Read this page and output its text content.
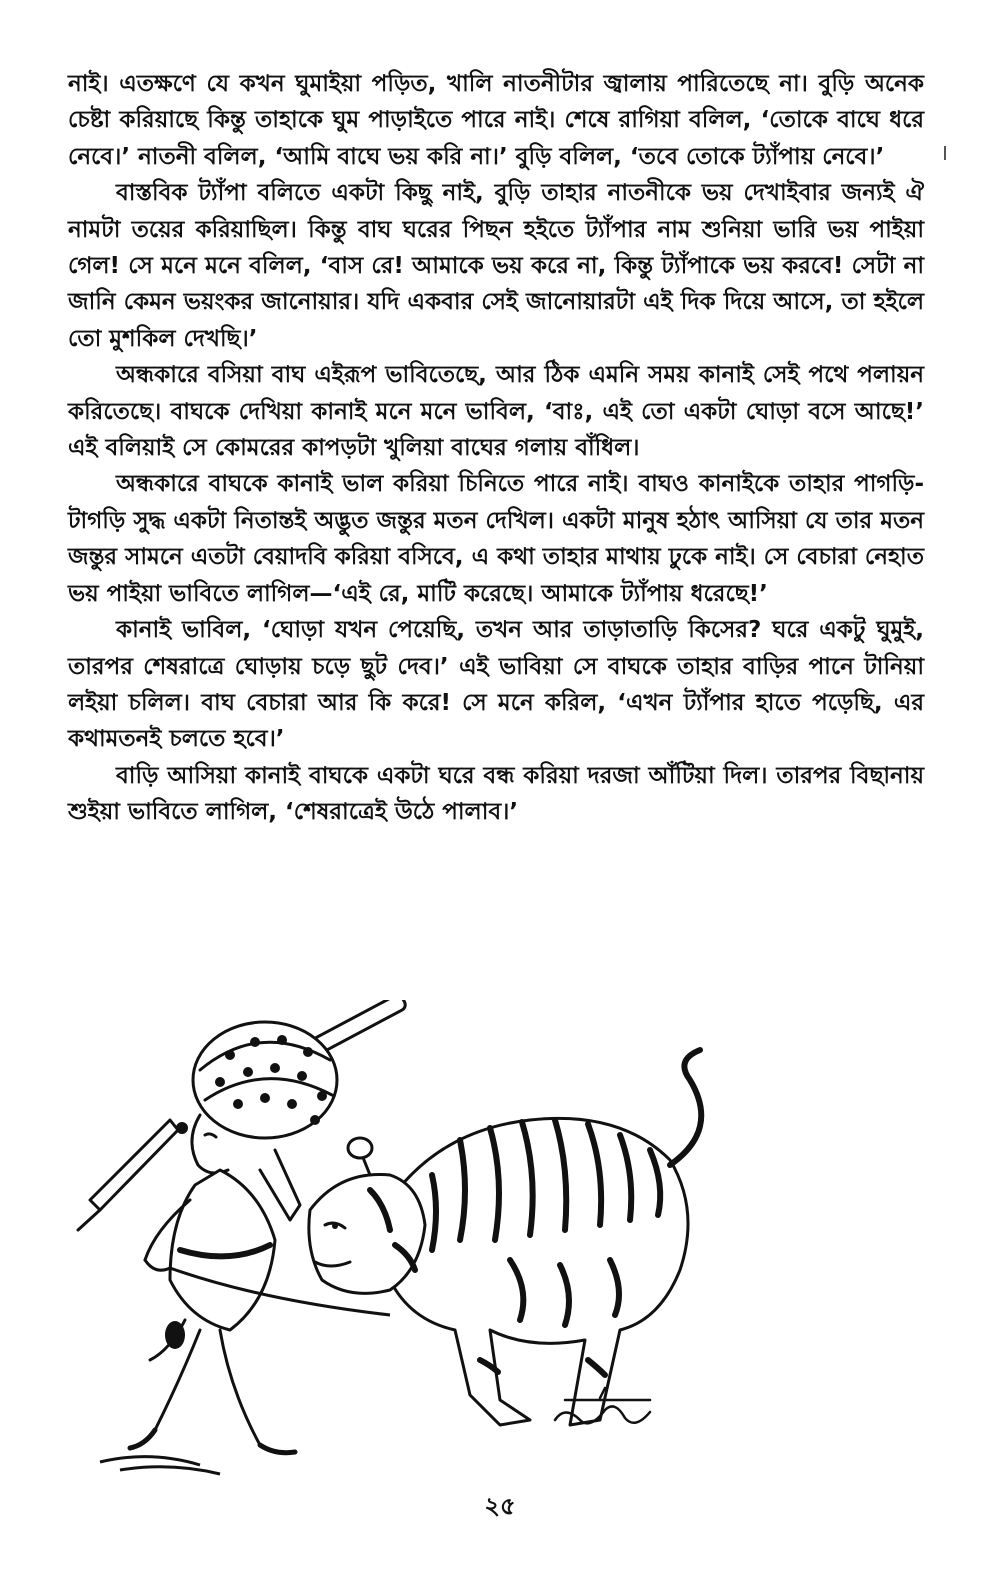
নাই। এতক্ষণে যে কখন ঘুমাইয়া পড়িত, খালি নাতনীটার জ্বালায় পারিতেছে না। বুড়ি অনেক চেষ্টা করিয়াছে কিন্তু তাহাকে ঘুম পাড়াইতে পারে নাই। শেষে রাগিয়া বলিল, ‘তোকে বাঘে ধরে নেবে।’ নাতনী বলিল, ‘আমি বাঘে ভয় করি না।’ বুড়ি বলিল, ‘তবে তোকে ট্যাঁপায় নেবে।’

বাস্তবিক ট্যাঁপা বলিতে একটা কিছু নাই, বুড়ি তাহার নাতনীকে ভয় দেখাইবার জন্যই ঐ নামটা তয়ের করিয়াছিল। কিন্তু বাঘ ঘরের পিছন হইতে ট্যাঁপার নাম শুনিয়া ভারি ভয় পাইয়া গেল! সে মনে মনে বলিল, ‘বাস রে! আমাকে ভয় করে না, কিন্তু ট্যাঁপাকে ভয় করবে! সেটা না জানি কেমন ভয়ংকর জানোয়ার। যদি একবার সেই জানোয়ারটা এই দিক দিয়ে আসে, তা হইলে তো মুশকিল দেখছি।’

অন্ধকারে বসিয়া বাঘ এইরূপ ভাবিতেছে, আর ঠিক এমনি সময় কানাই সেই পথে পলায়ন করিতেছে। বাঘকে দেখিয়া কানাই মনে মনে ভাবিল, ‘বাঃ, এই তো একটা ঘোড়া বসে আছে!’ এই বলিয়াই সে কোমরের কাপড়টা খুলিয়া বাঘের গলায় বাঁধিল।

অন্ধকারে বাঘকে কানাই ভাল করিয়া চিনিতে পারে নাই। বাঘও কানাইকে তাহার পাগড়ি-টাগড়ি সুদ্ধ একটা নিতান্তই অদ্ভুত জন্তুর মতন দেখিল। একটা মানুষ হঠাৎ আসিয়া যে তার মতন জন্তুর সামনে এতটা বেয়াদবি করিয়া বসিবে, এ কথা তাহার মাথায় ঢুকে নাই। সে বেচারা নেহাত ভয় পাইয়া ভাবিতে লাগিল—‘এই রে, মাটি করেছে। আমাকে ট্যাঁপায় ধরেছে!’

কানাই ভাবিল, ‘ঘোড়া যখন পেয়েছি, তখন আর তাড়াতাড়ি কিসের? ঘরে একটু ঘুমুই, তারপর শেষরাত্রে ঘোড়ায় চড়ে ছুট দেব।’ এই ভাবিয়া সে বাঘকে তাহার বাড়ির পানে টানিয়া লইয়া চলিল। বাঘ বেচারা আর কি করে! সে মনে করিল, ‘এখন ট্যাঁপার হাতে পড়েছি, এর কথামতনই চলতে হবে।’

বাড়ি আসিয়া কানাই বাঘকে একটা ঘরে বন্ধ করিয়া দরজা আঁটিয়া দিল। তারপর বিছানায় শুইয়া ভাবিতে লাগিল, ‘শেষরাত্রেই উঠে পালাব।’

২৫
